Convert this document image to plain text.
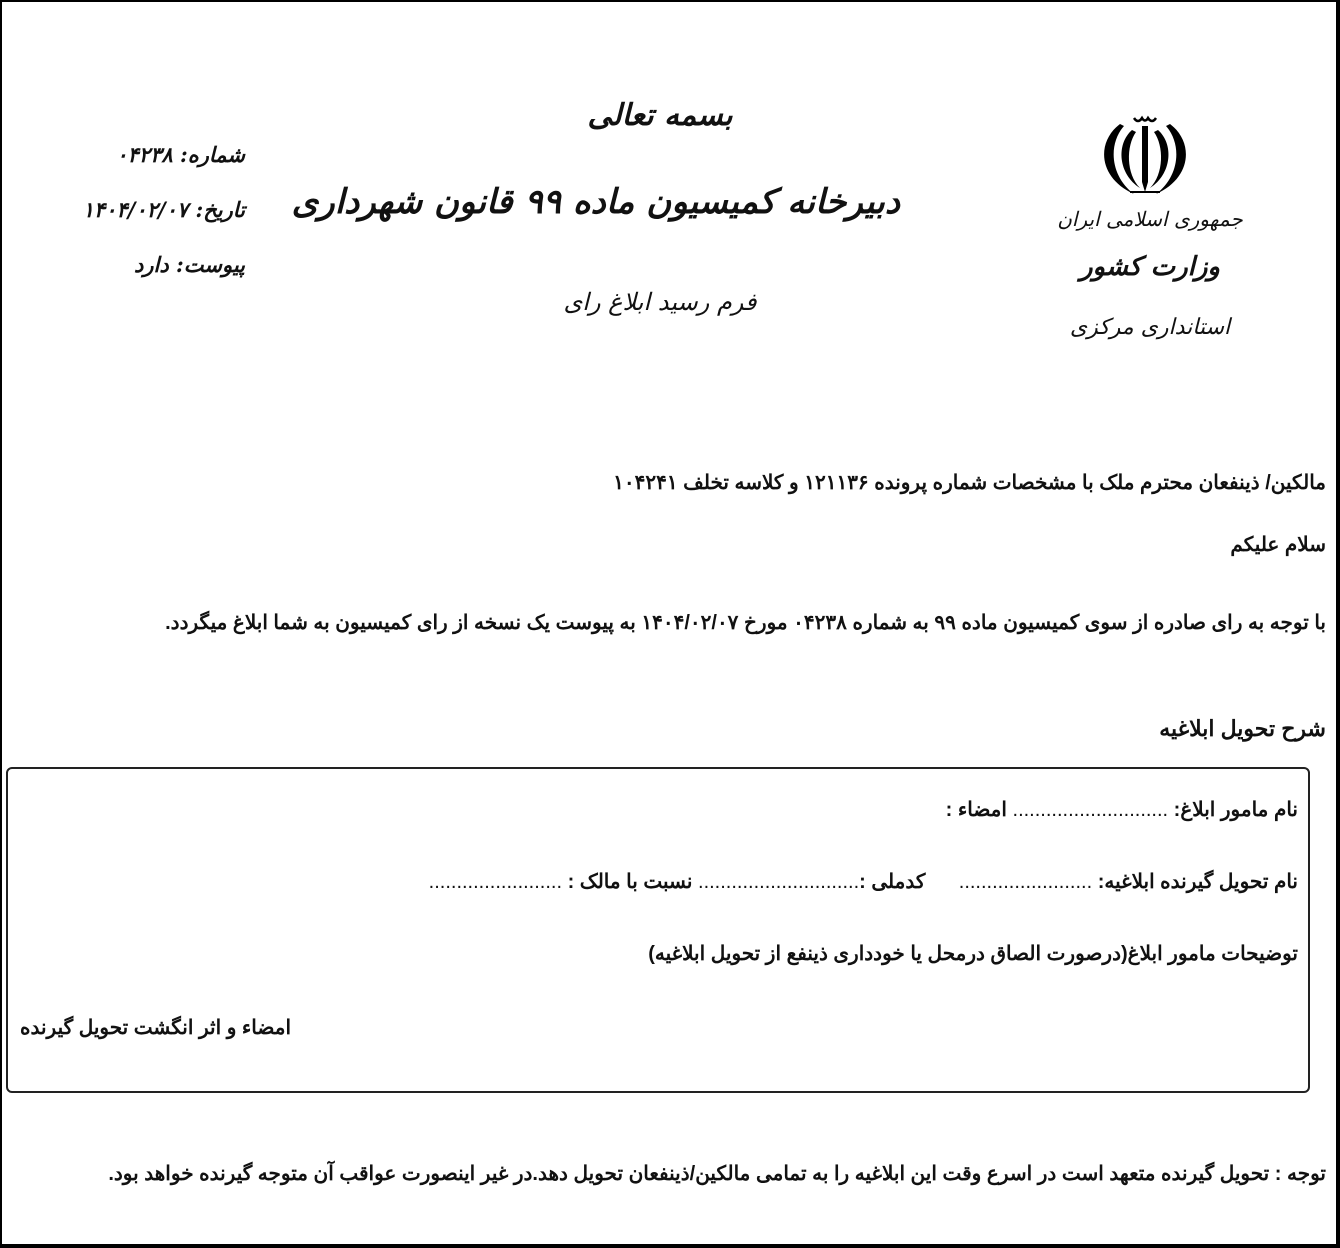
شماره: ۰۴۲۳۸
تاریخ: ۱۴۰۴/۰۲/۰۷
پیوست: دارد
بسمه تعالی
دبیرخانه کمیسیون ماده ۹۹ قانون شهرداری
فرم رسید ابلاغ رای
جمهوری اسلامی ایران
وزارت کشور
استانداری مرکزی
مالکین/ ذینفعان محترم ملک با مشخصات شماره پرونده ۱۲۱۱۳۶ و کلاسه تخلف ۱۰۴۲۴۱
سلام علیکم
با توجه به رای صادره از سوی کمیسیون ماده ۹۹ به شماره ۰۴۲۳۸ مورخ ۱۴۰۴/۰۲/۰۷ به پیوست یک نسخه از رای کمیسیون به شما ابلاغ میگردد.
شرح تحویل ابلاغیه
نام مامور ابلاغ: ............................ امضاء :
نام تحویل گیرنده ابلاغیه: ........................      کدملی :............................. نسبت با مالک : ........................
توضیحات مامور ابلاغ(درصورت الصاق درمحل یا خودداری ذینفع از تحویل ابلاغیه)
امضاء و اثر انگشت تحویل گیرنده
توجه : تحویل گیرنده متعهد است در اسرع وقت این ابلاغیه را به تمامی مالکین/ذینفعان تحویل دهد.در غیر اینصورت عواقب آن متوجه گیرنده خواهد بود.
